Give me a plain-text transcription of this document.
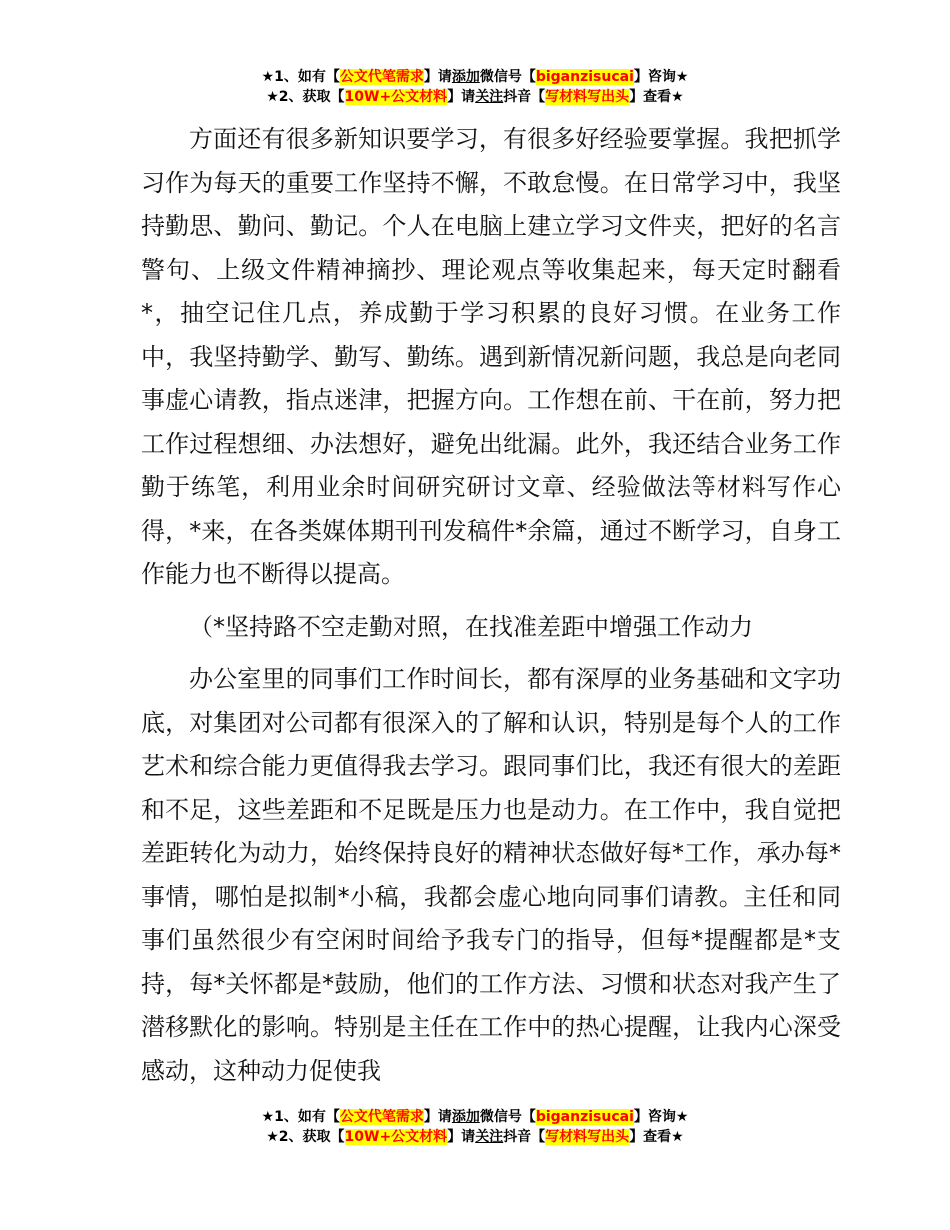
★1、如有【公文代笔需求】请添加微信号【biganzisucai】咨询★
★2、获取【10W+公文材料】请关注抖音【写材料写出头】查看★

方面还有很多新知识要学习，有很多好经验要掌握。我把抓学习作为每天的重要工作坚持不懈，不敢怠慢。在日常学习中，我坚持勤思、勤问、勤记。个人在电脑上建立学习文件夹，把好的名言警句、上级文件精神摘抄、理论观点等收集起来，每天定时翻看*，抽空记住几点，养成勤于学习积累的良好习惯。在业务工作中，我坚持勤学、勤写、勤练。遇到新情况新问题，我总是向老同事虚心请教，指点迷津，把握方向。工作想在前、干在前，努力把工作过程想细、办法想好，避免出纰漏。此外，我还结合业务工作勤于练笔，利用业余时间研究研讨文章、经验做法等材料写作心得，*来，在各类媒体期刊刊发稿件*余篇，通过不断学习，自身工作能力也不断得以提高。

（*坚持路不空走勤对照，在找准差距中增强工作动力

办公室里的同事们工作时间长，都有深厚的业务基础和文字功底，对集团对公司都有很深入的了解和认识，特别是每个人的工作艺术和综合能力更值得我去学习。跟同事们比，我还有很大的差距和不足，这些差距和不足既是压力也是动力。在工作中，我自觉把差距转化为动力，始终保持良好的精神状态做好每*工作，承办每*事情，哪怕是拟制*小稿，我都会虚心地向同事们请教。主任和同事们虽然很少有空闲时间给予我专门的指导，但每*提醒都是*支持，每*关怀都是*鼓励，他们的工作方法、习惯和状态对我产生了潜移默化的影响。特别是主任在工作中的热心提醒，让我内心深受感动，这种动力促使我

★1、如有【公文代笔需求】请添加微信号【biganzisucai】咨询★
★2、获取【10W+公文材料】请关注抖音【写材料写出头】查看★
